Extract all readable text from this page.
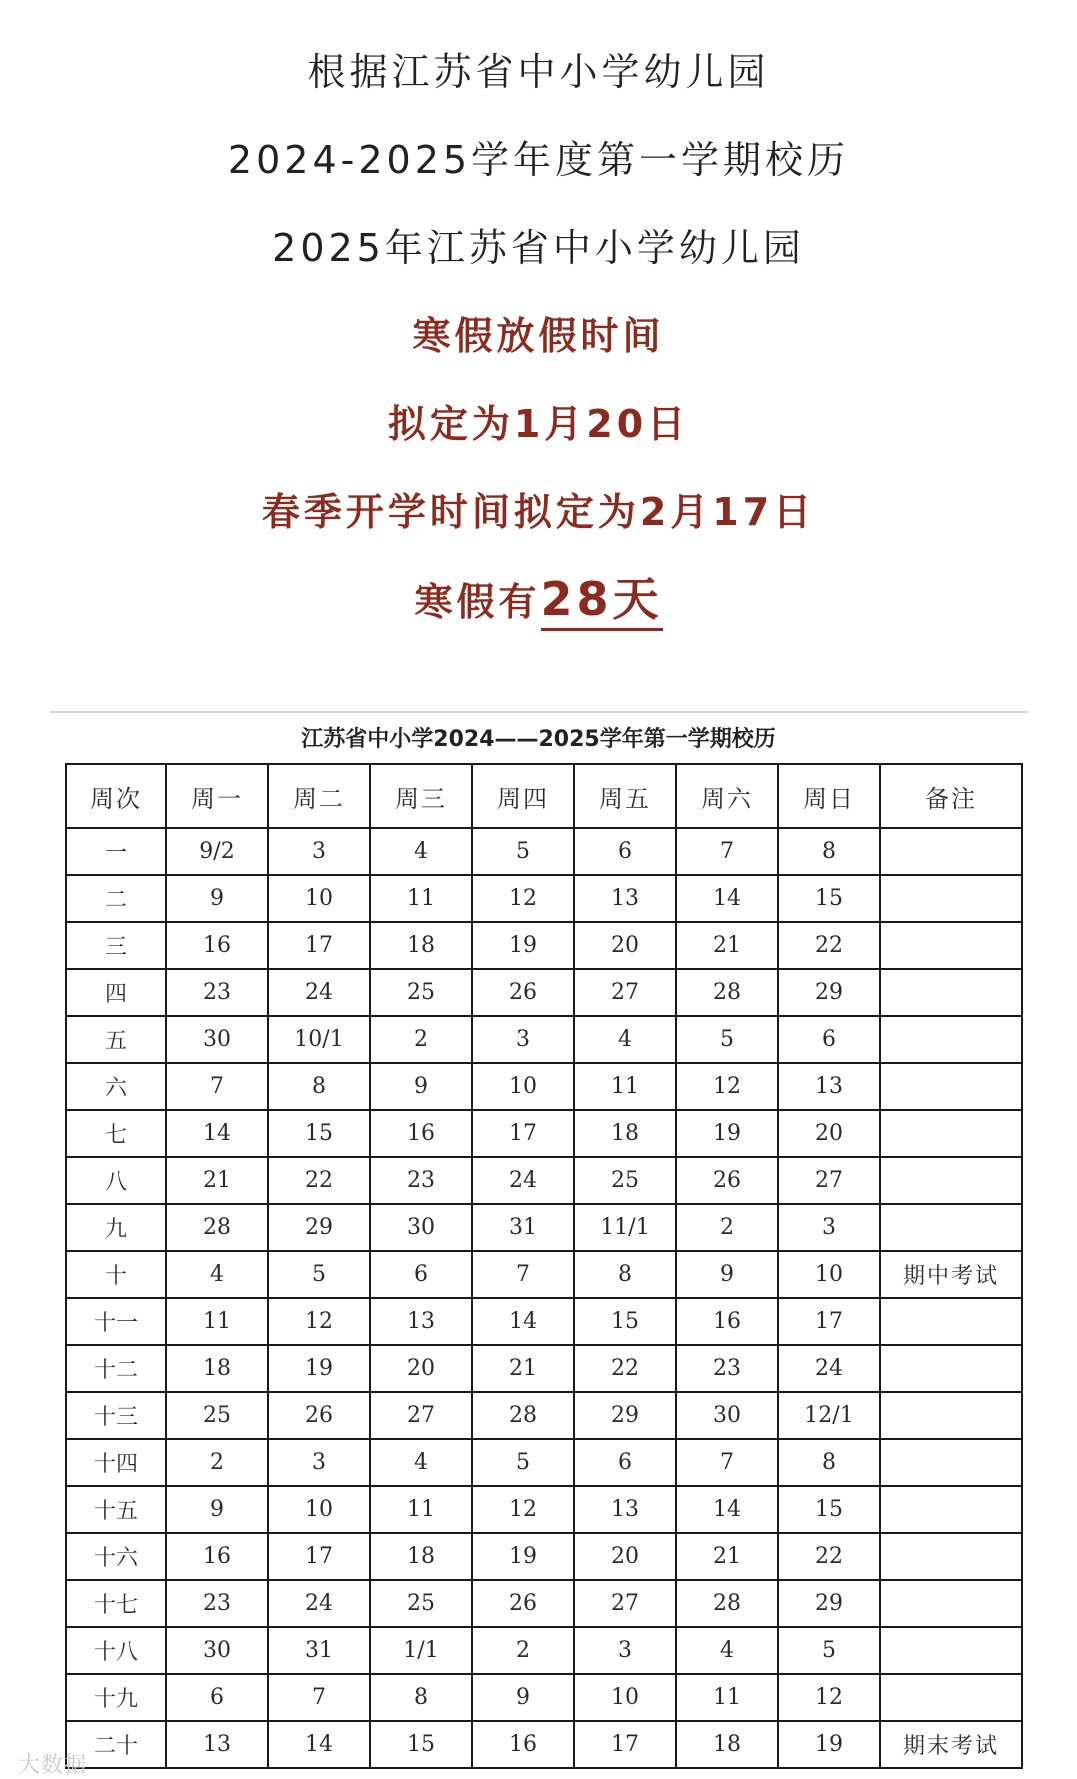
根据江苏省中小学幼儿园
2024-2025学年度第一学期校历
2025年江苏省中小学幼儿园
寒假放假时间
拟定为1月20日
春季开学时间拟定为2月17日
寒假有28天
江苏省中小学2024——2025学年第一学期校历
周次	周一	周二	周三	周四	周五	周六	周日	备注
一	9/2	3	4	5	6	7	8	
二	9	10	11	12	13	14	15	
三	16	17	18	19	20	21	22	
四	23	24	25	26	27	28	29	
五	30	10/1	2	3	4	5	6	
六	7	8	9	10	11	12	13	
七	14	15	16	17	18	19	20	
八	21	22	23	24	25	26	27	
九	28	29	30	31	11/1	2	3	
十	4	5	6	7	8	9	10	期中考试
十一	11	12	13	14	15	16	17	
十二	18	19	20	21	22	23	24	
十三	25	26	27	28	29	30	12/1	
十四	2	3	4	5	6	7	8	
十五	9	10	11	12	13	14	15	
十六	16	17	18	19	20	21	22	
十七	23	24	25	26	27	28	29	
十八	30	31	1/1	2	3	4	5	
十九	6	7	8	9	10	11	12	
二十	13	14	15	16	17	18	19	期末考试
大数据
